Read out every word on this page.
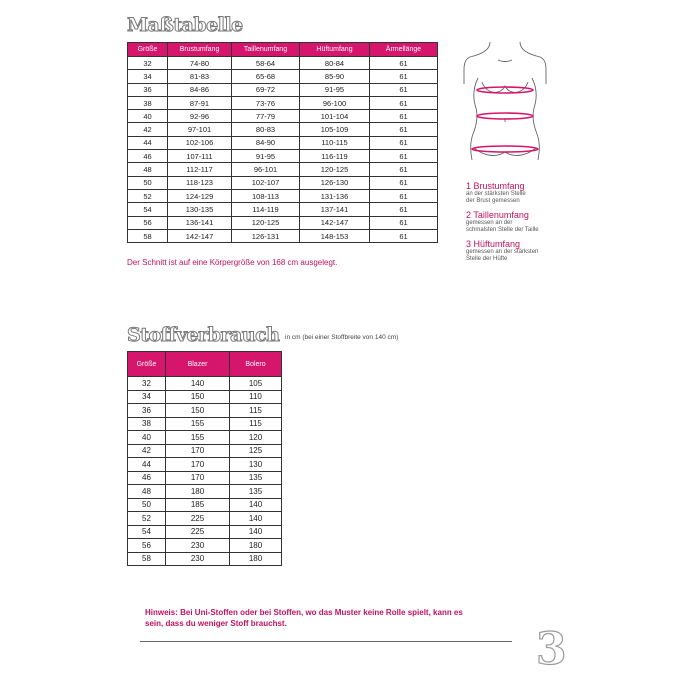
Maßtabelle
Größe	Brustumfang	Taillenumfang	Hüftumfang	Ärmellänge
32	74-80	58-64	80-84	61
34	81-83	65-68	85-90	61
36	84-86	69-72	91-95	61
38	87-91	73-76	96-100	61
40	92-96	77-79	101-104	61
42	97-101	80-83	105-109	61
44	102-106	84-90	110-115	61
46	107-111	91-95	116-119	61
48	112-117	96-101	120-125	61
50	118-123	102-107	126-130	61
52	124-129	108-113	131-136	61
54	130-135	114-119	137-141	61
56	136-141	120-125	142-147	61
58	142-147	126-131	148-153	61
Der Schnitt ist auf eine Körpergröße von 168 cm ausgelegt.
1 Brustumfang
an der stärksten Stelle
der Brust gemessen
2 Taillenumfang
gemessen an der
schmalsten Stelle der Taille
3 Hüftumfang
gemessen an der stärksten
Stelle der Hüfte
Stoffverbrauch in cm (bei einer Stoffbreite von 140 cm)
Größe	Blazer	Bolero
32	140	105
34	150	110
36	150	115
38	155	115
40	155	120
42	170	125
44	170	130
46	170	135
48	180	135
50	185	140
52	225	140
54	225	140
56	230	180
58	230	180
Hinweis: Bei Uni-Stoffen oder bei Stoffen, wo das Muster keine Rolle spielt, kann es
sein, dass du weniger Stoff brauchst.
3
